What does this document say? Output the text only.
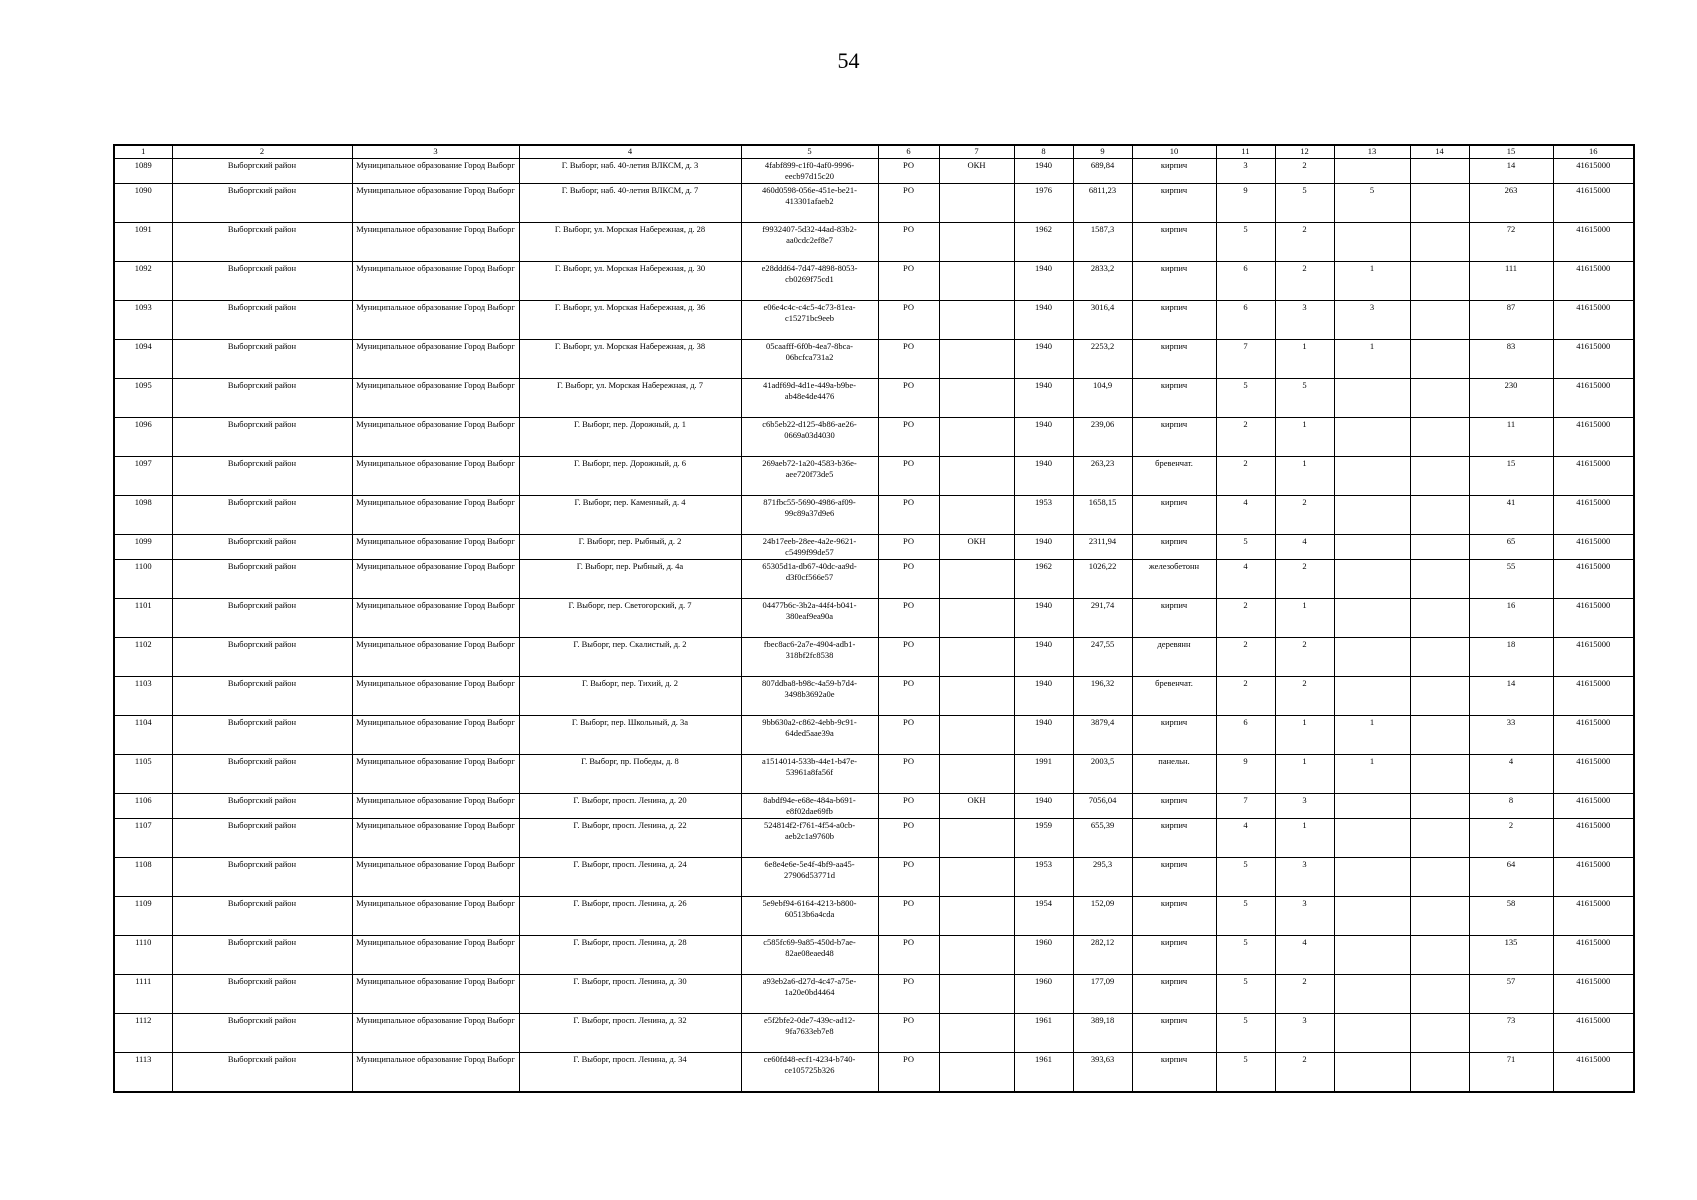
54
1	2	3	4	5	6	7	8	9	10	11	12	13	14	15	16
1089	Выборгский район	Муниципальное образование Город Выборг	Г. Выборг, наб. 40-летия ВЛКСМ, д. 3	4fabf899-c1f0-4af0-9996-eecb97d15c20	РО	ОКН	1940	689,84	кирпич	3	2			14	41615000
1090	Выборгский район	Муниципальное образование Город Выборг	Г. Выборг, наб. 40-летия ВЛКСМ, д. 7	460d0598-056e-451e-be21-413301afaeb2	РО		1976	6811,23	кирпич	9	5	5		263	41615000
1091	Выборгский район	Муниципальное образование Город Выборг	Г. Выборг, ул. Морская Набережная, д. 28	f9932407-5d32-44ad-83b2-aa0cdc2ef8e7	РО		1962	1587,3	кирпич	5	2			72	41615000
1092	Выборгский район	Муниципальное образование Город Выборг	Г. Выборг, ул. Морская Набережная, д. 30	e28ddd64-7d47-4898-8053-cb0269f75cd1	РО		1940	2833,2	кирпич	6	2	1		111	41615000
1093	Выборгский район	Муниципальное образование Город Выборг	Г. Выборг, ул. Морская Набережная, д. 36	e06e4c4c-c4c5-4c73-81ea-c15271bc9eeb	РО		1940	3016,4	кирпич	6	3	3		87	41615000
1094	Выборгский район	Муниципальное образование Город Выборг	Г. Выборг, ул. Морская Набережная, д. 38	05caafff-6f0b-4ea7-8bca-06bcfca731a2	РО		1940	2253,2	кирпич	7	1	1		83	41615000
1095	Выборгский район	Муниципальное образование Город Выборг	Г. Выборг, ул. Морская Набережная, д. 7	41adf69d-4d1e-449a-b9be-ab48e4de4476	РО		1940	104,9	кирпич	5	5			230	41615000
1096	Выборгский район	Муниципальное образование Город Выборг	Г. Выборг, пер. Дорожный, д. 1	c6b5eb22-d125-4b86-ae26-0669a03d4030	РО		1940	239,06	кирпич	2	1			11	41615000
1097	Выборгский район	Муниципальное образование Город Выборг	Г. Выборг, пер. Дорожный, д. 6	269aeb72-1a20-4583-b36e-aee720f73de5	РО		1940	263,23	бревенчат.	2	1			15	41615000
1098	Выборгский район	Муниципальное образование Город Выборг	Г. Выборг, пер. Каменный, д. 4	871fbc55-5690-4986-af09-99c89a37d9e6	РО		1953	1658,15	кирпич	4	2			41	41615000
1099	Выборгский район	Муниципальное образование Город Выборг	Г. Выборг, пер. Рыбный, д. 2	24b17eeb-28ee-4a2e-9621-c5499f99de57	РО	ОКН	1940	2311,94	кирпич	5	4			65	41615000
1100	Выборгский район	Муниципальное образование Город Выборг	Г. Выборг, пер. Рыбный, д. 4а	65305d1a-db67-40dc-aa9d-d3f0cf566e57	РО		1962	1026,22	железобетонн	4	2			55	41615000
1101	Выборгский район	Муниципальное образование Город Выборг	Г. Выборг, пер. Светогорский, д. 7	04477b6c-3b2a-44f4-b041-380eaf9ea90a	РО		1940	291,74	кирпич	2	1			16	41615000
1102	Выборгский район	Муниципальное образование Город Выборг	Г. Выборг, пер. Скалистый, д. 2	fbec8ac6-2a7e-4904-adb1-318bf2fc8538	РО		1940	247,55	деревянн	2	2			18	41615000
1103	Выборгский район	Муниципальное образование Город Выборг	Г. Выборг, пер. Тихий, д. 2	807ddba8-b98c-4a59-b7d4-3498b3692a0e	РО		1940	196,32	бревенчат.	2	2			14	41615000
1104	Выборгский район	Муниципальное образование Город Выборг	Г. Выборг, пер. Школьный, д. 3а	9bb630a2-c862-4ebb-9c91-64ded5aae39a	РО		1940	3879,4	кирпич	6	1	1		33	41615000
1105	Выборгский район	Муниципальное образование Город Выборг	Г. Выборг, пр. Победы, д. 8	a1514014-533b-44e1-b47e-53961a8fa56f	РО		1991	2003,5	панельн.	9	1	1		4	41615000
1106	Выборгский район	Муниципальное образование Город Выборг	Г. Выборг, просп. Ленина, д. 20	8abdf94e-e68e-484a-b691-e8f02dae69fb	РО	ОКН	1940	7056,04	кирпич	7	3			8	41615000
1107	Выборгский район	Муниципальное образование Город Выборг	Г. Выборг, просп. Ленина, д. 22	524814f2-f761-4f54-a0cb-aeb2c1a9760b	РО		1959	655,39	кирпич	4	1			2	41615000
1108	Выборгский район	Муниципальное образование Город Выборг	Г. Выборг, просп. Ленина, д. 24	6e8e4e6e-5e4f-4bf9-aa45-27906d53771d	РО		1953	295,3	кирпич	5	3			64	41615000
1109	Выборгский район	Муниципальное образование Город Выборг	Г. Выборг, просп. Ленина, д. 26	5e9ebf94-6164-4213-b800-60513b6a4cda	РО		1954	152,09	кирпич	5	3			58	41615000
1110	Выборгский район	Муниципальное образование Город Выборг	Г. Выборг, просп. Ленина, д. 28	c585fc69-9a85-450d-b7ae-82ae08eaed48	РО		1960	282,12	кирпич	5	4			135	41615000
1111	Выборгский район	Муниципальное образование Город Выборг	Г. Выборг, просп. Ленина, д. 30	a93eb2a6-d27d-4c47-a75e-1a20e0bd4464	РО		1960	177,09	кирпич	5	2			57	41615000
1112	Выборгский район	Муниципальное образование Город Выборг	Г. Выборг, просп. Ленина, д. 32	e5f2bfe2-0de7-439c-ad12-9fa7633eb7e8	РО		1961	389,18	кирпич	5	3			73	41615000
1113	Выборгский район	Муниципальное образование Город Выборг	Г. Выборг, просп. Ленина, д. 34	ce60fd48-ecf1-4234-b740-ce105725b326	РО		1961	393,63	кирпич	5	2			71	41615000
